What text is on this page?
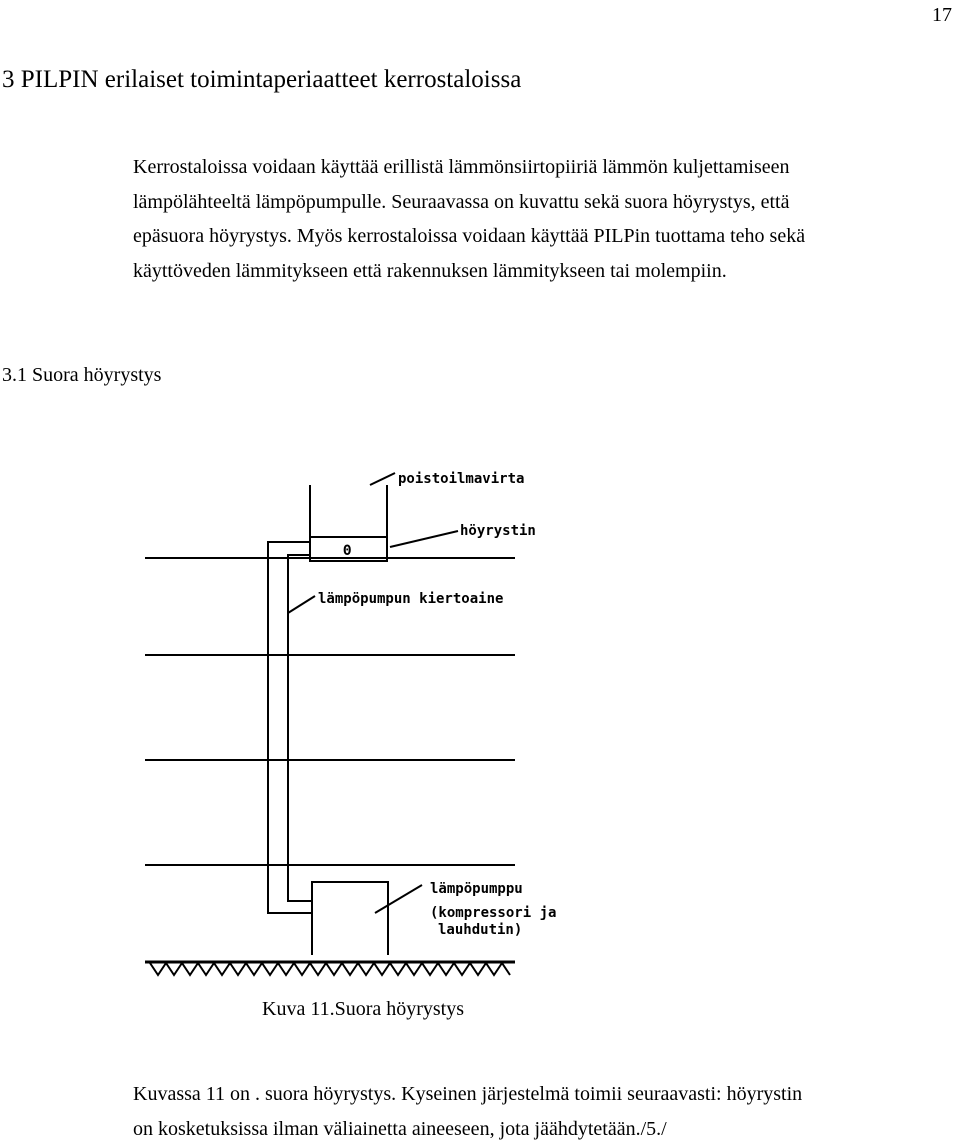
17
3 PILPIN erilaiset toimintaperiaatteet kerrostaloissa
Kerrostaloissa voidaan käyttää erillistä lämmönsiirtopiiriä lämmön kuljettamiseen
lämpölähteeltä lämpöpumpulle. Seuraavassa on kuvattu sekä suora höyrystys, että
epäsuora höyrystys. Myös kerrostaloissa voidaan käyttää PILPin tuottama teho sekä
käyttöveden lämmitykseen että rakennuksen lämmitykseen tai molempiin.
3.1 Suora höyrystys
poistoilmavirta
höyrystin
lämpöpumpun kiertoaine
lämpöpumppu
(kompressori ja
lauhdutin)
Θ
Kuva 11.Suora höyrystys
Kuvassa 11 on . suora höyrystys. Kyseinen järjestelmä toimii seuraavasti: höyrystin
on kosketuksissa ilman väliainetta aineeseen, jota jäähdytetään./5./
